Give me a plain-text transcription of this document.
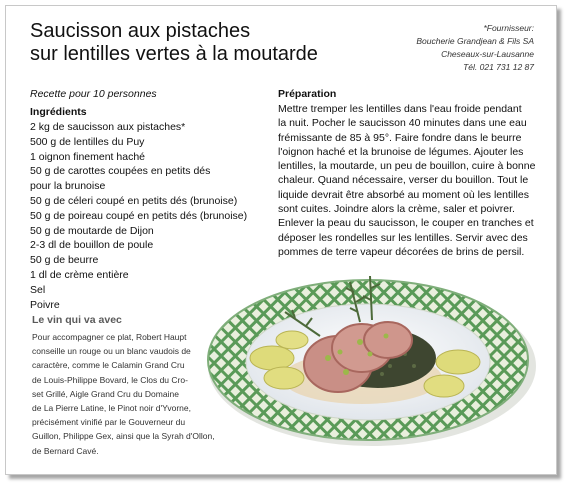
Saucisson aux pistaches
sur lentilles vertes à la moutarde
*Fournisseur:
Boucherie Grandjean & Fils SA
Cheseaux-sur-Lausanne
Tél. 021 731 12 87
Recette pour 10 personnes
Ingrédients
2 kg de saucisson aux pistaches*
500 g de lentilles du Puy
1 oignon finement haché
50 g de carottes coupées en petits dés
pour la brunoise
50 g de céleri coupé en petits dés (brunoise)
50 g de poireau coupé en petits dés (brunoise)
50 g de moutarde de Dijon
2-3 dl de bouillon de poule
50 g de beurre
1 dl de crème entière
Sel
Poivre
Le vin qui va avec
Pour accompagner ce plat, Robert Haupt
conseille un rouge ou un blanc vaudois de
caractère, comme le Calamin Grand Cru
de Louis-Philippe Bovard, le Clos du Cro-
set Grillé, Aigle Grand Cru du Domaine
de La Pierre Latine, le Pinot noir d'Yvorne,
précisément vinifié par le Gouverneur du
Guillon, Philippe Gex, ainsi que la Syrah d'Ollon,
de Bernard Cavé.
Préparation
Mettre tremper les lentilles dans l'eau froide pendant
la nuit. Pocher le saucisson 40 minutes dans une eau
frémissante de 85 à 95°. Faire fondre dans le beurre
l'oignon haché et la brunoise de légumes. Ajouter les
lentilles, la moutarde, un peu de bouillon, cuire à bonne
chaleur. Quand nécessaire, verser du bouillon. Tout le
liquide devrait être absorbé au moment où les lentilles
sont cuites. Joindre alors la crème, saler et poivrer.
Enlever la peau du saucisson, le couper en tranches et
déposer les rondelles sur les lentilles. Servir avec des
pommes de terre vapeur décorées de brins de persil.
